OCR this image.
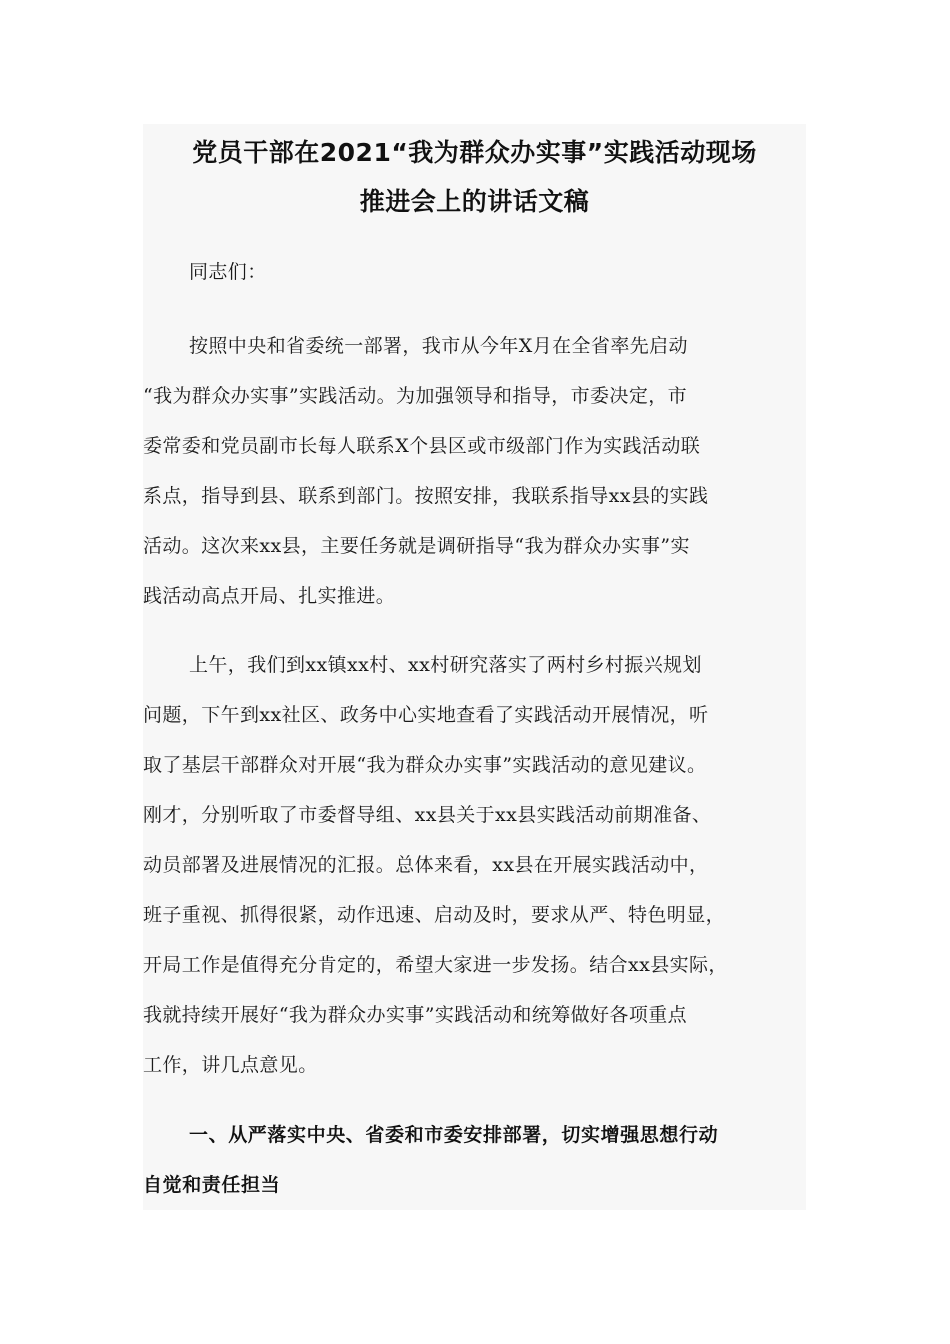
党员干部在2021“我为群众办实事”实践活动现场
推进会上的讲话文稿

同志们：

按照中央和省委统一部署，我市从今年X月在全省率先启动
“我为群众办实事”实践活动。为加强领导和指导，市委决定，市
委常委和党员副市长每人联系X个县区或市级部门作为实践活动联
系点，指导到县、联系到部门。按照安排，我联系指导xx县的实践
活动。这次来xx县，主要任务就是调研指导“我为群众办实事”实
践活动高点开局、扎实推进。

上午，我们到xx镇xx村、xx村研究落实了两村乡村振兴规划
问题，下午到xx社区、政务中心实地查看了实践活动开展情况，听
取了基层干部群众对开展“我为群众办实事”实践活动的意见建议。
刚才，分别听取了市委督导组、xx县关于xx县实践活动前期准备、
动员部署及进展情况的汇报。总体来看，xx县在开展实践活动中，
班子重视、抓得很紧，动作迅速、启动及时，要求从严、特色明显，
开局工作是值得充分肯定的，希望大家进一步发扬。结合xx县实际，
我就持续开展好“我为群众办实事”实践活动和统筹做好各项重点
工作，讲几点意见。

一、从严落实中央、省委和市委安排部署，切实增强思想行动
自觉和责任担当
